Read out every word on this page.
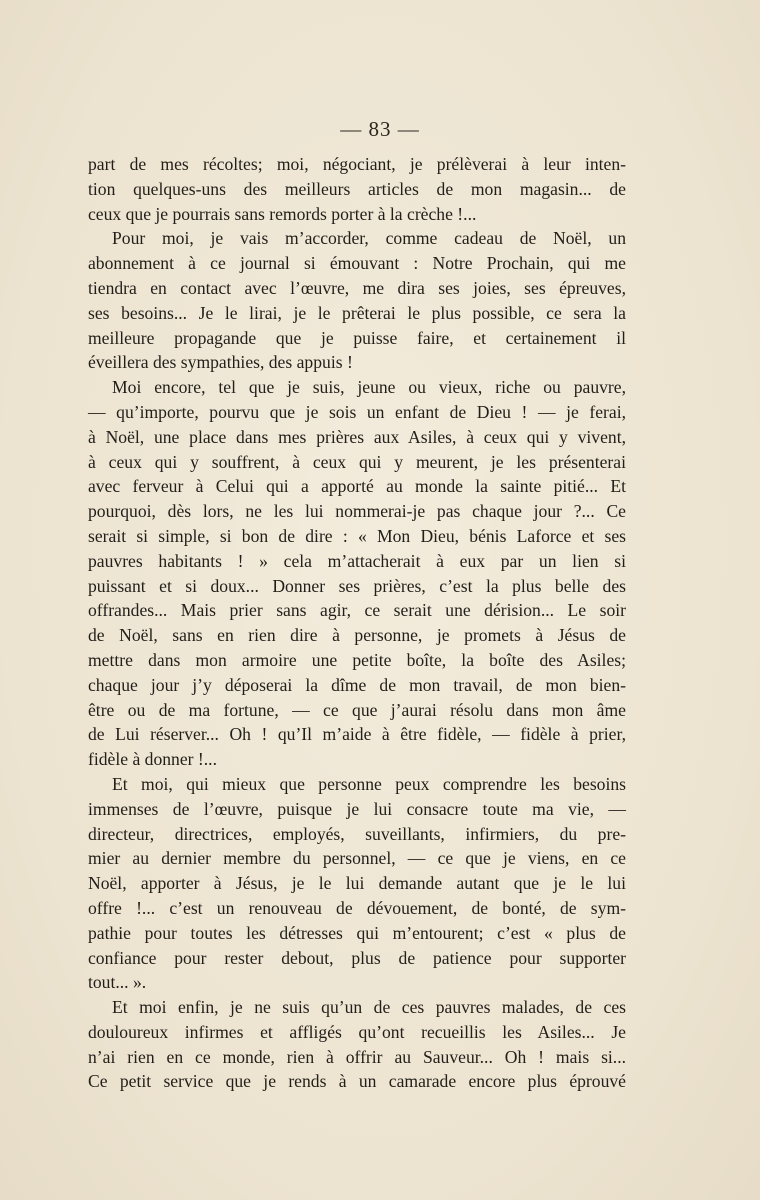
— 83 —
part de mes récoltes; moi, négociant, je prélèverai à leur inten-
tion quelques-uns des meilleurs articles de mon magasin... de
ceux que je pourrais sans remords porter à la crèche !...
Pour moi, je vais m’accorder, comme cadeau de Noël, un
abonnement à ce journal si émouvant : Notre Prochain, qui me
tiendra en contact avec l’œuvre, me dira ses joies, ses épreuves,
ses besoins... Je le lirai, je le prêterai le plus possible, ce sera la
meilleure propagande que je puisse faire, et certainement il
éveillera des sympathies, des appuis !
Moi encore, tel que je suis, jeune ou vieux, riche ou pauvre,
— qu’importe, pourvu que je sois un enfant de Dieu ! — je ferai,
à Noël, une place dans mes prières aux Asiles, à ceux qui y vivent,
à ceux qui y souffrent, à ceux qui y meurent, je les présenterai
avec ferveur à Celui qui a apporté au monde la sainte pitié... Et
pourquoi, dès lors, ne les lui nommerai-je pas chaque jour ?... Ce
serait si simple, si bon de dire : « Mon Dieu, bénis Laforce et ses
pauvres habitants ! » cela m’attacherait à eux par un lien si
puissant et si doux... Donner ses prières, c’est la plus belle des
offrandes... Mais prier sans agir, ce serait une dérision... Le soir
de Noël, sans en rien dire à personne, je promets à Jésus de
mettre dans mon armoire une petite boîte, la boîte des Asiles;
chaque jour j’y déposerai la dîme de mon travail, de mon bien-
être ou de ma fortune, — ce que j’aurai résolu dans mon âme
de Lui réserver... Oh ! qu’Il m’aide à être fidèle, — fidèle à prier,
fidèle à donner !...
Et moi, qui mieux que personne peux comprendre les besoins
immenses de l’œuvre, puisque je lui consacre toute ma vie, —
directeur, directrices, employés, suveillants, infirmiers, du pre-
mier au dernier membre du personnel, — ce que je viens, en ce
Noël, apporter à Jésus, je le lui demande autant que je le lui
offre !... c’est un renouveau de dévouement, de bonté, de sym-
pathie pour toutes les détresses qui m’entourent; c’est « plus de
confiance pour rester debout, plus de patience pour supporter
tout... ».
Et moi enfin, je ne suis qu’un de ces pauvres malades, de ces
douloureux infirmes et affligés qu’ont recueillis les Asiles... Je
n’ai rien en ce monde, rien à offrir au Sauveur... Oh ! mais si...
Ce petit service que je rends à un camarade encore plus éprouvé
